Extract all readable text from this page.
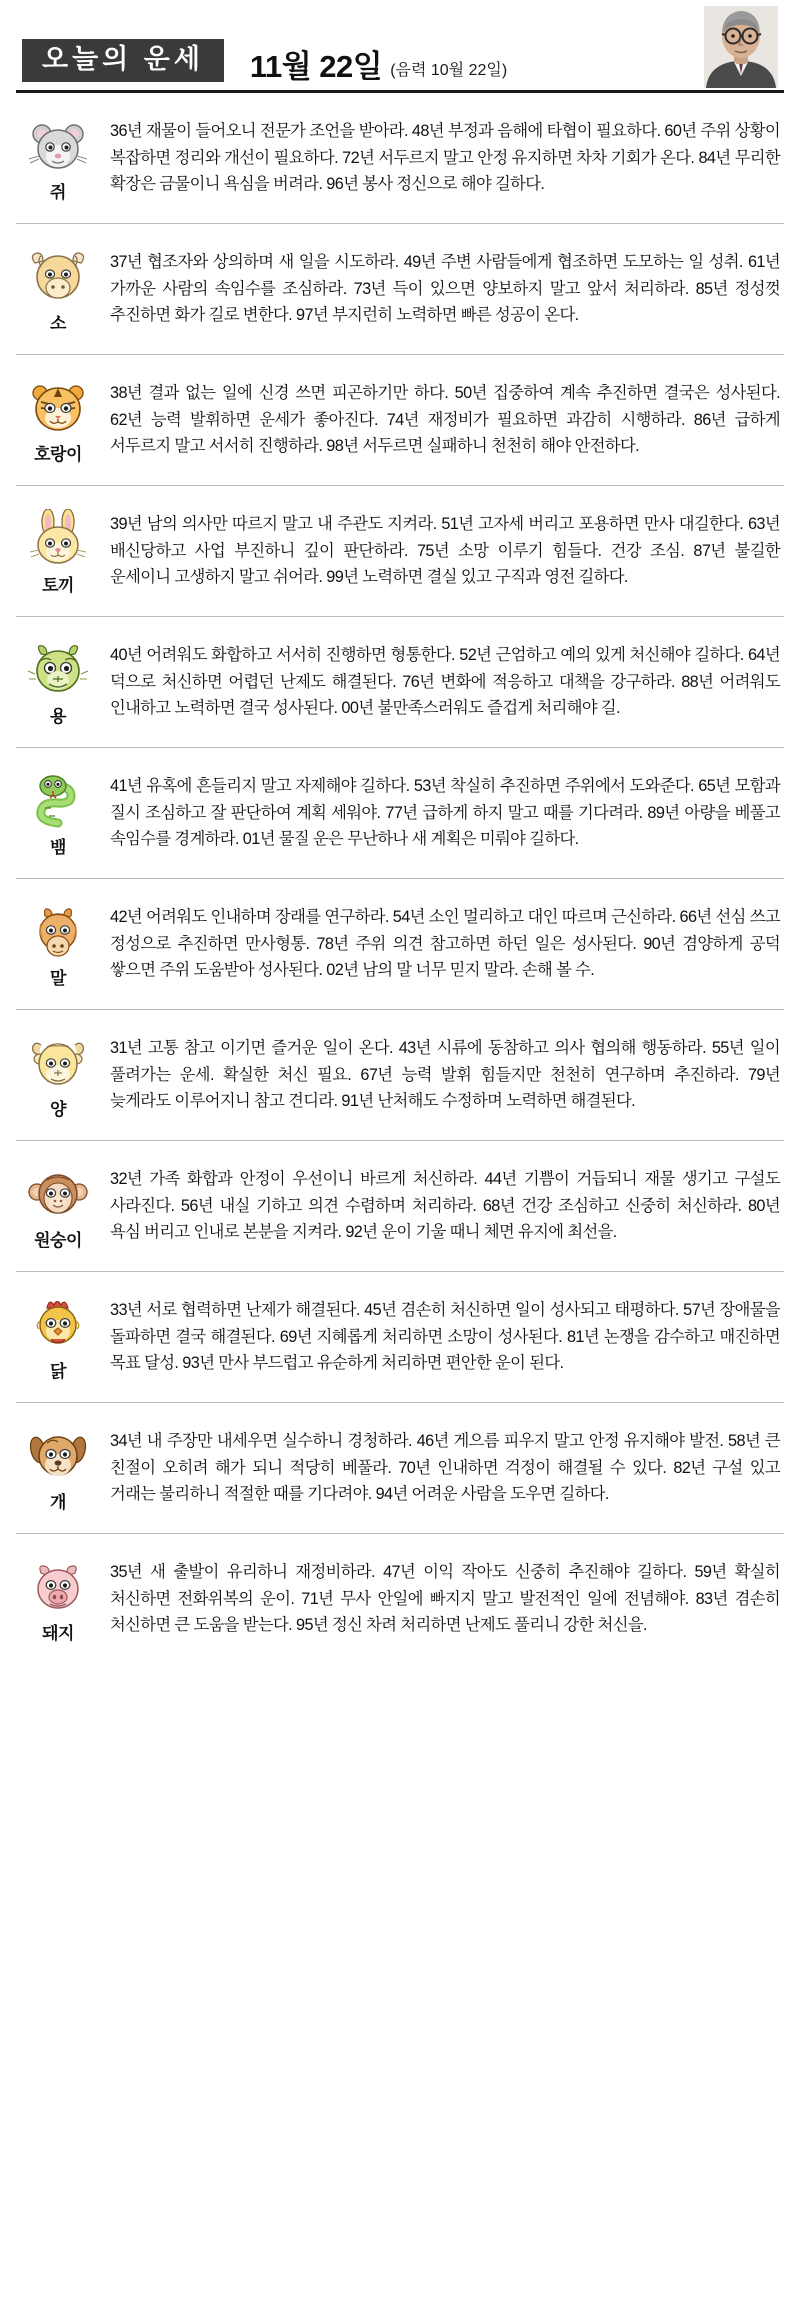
오늘의 운세	11월 22일 (음력 10월 22일)
쥐
36년 재물이 들어오니 전문가 조언을 받아라. 48년 부정과 음해에 타협이 필요하다. 60년 주위 상황이 복잡하면 정리와 개선이 필요하다. 72년 서두르지 말고 안정 유지하면 차차 기회가 온다. 84년 무리한 확장은 금물이니 욕심을 버려라. 96년 봉사 정신으로 해야 길하다.
소
37년 협조자와 상의하며 새 일을 시도하라. 49년 주변 사람들에게 협조하면 도모하는 일 성취. 61년 가까운 사람의 속임수를 조심하라. 73년 득이 있으면 양보하지 말고 앞서 처리하라. 85년 정성껏 추진하면 화가 길로 변한다. 97년 부지런히 노력하면 빠른 성공이 온다.
호랑이
38년 결과 없는 일에 신경 쓰면 피곤하기만 하다. 50년 집중하여 계속 추진하면 결국은 성사된다. 62년 능력 발휘하면 운세가 좋아진다. 74년 재정비가 필요하면 과감히 시행하라. 86년 급하게 서두르지 말고 서서히 진행하라. 98년 서두르면 실패하니 천천히 해야 안전하다.
토끼
39년 남의 의사만 따르지 말고 내 주관도 지켜라. 51년 고자세 버리고 포용하면 만사 대길한다. 63년 배신당하고 사업 부진하니 깊이 판단하라. 75년 소망 이루기 힘들다. 건강 조심. 87년 불길한 운세이니 고생하지 말고 쉬어라. 99년 노력하면 결실 있고 구직과 영전 길하다.
용
40년 어려워도 화합하고 서서히 진행하면 형통한다. 52년 근엄하고 예의 있게 처신해야 길하다. 64년 덕으로 처신하면 어렵던 난제도 해결된다. 76년 변화에 적응하고 대책을 강구하라. 88년 어려워도 인내하고 노력하면 결국 성사된다. 00년 불만족스러워도 즐겁게 처리해야 길.
뱀
41년 유혹에 흔들리지 말고 자제해야 길하다. 53년 착실히 추진하면 주위에서 도와준다. 65년 모함과 질시 조심하고 잘 판단하여 계획 세워야. 77년 급하게 하지 말고 때를 기다려라. 89년 아량을 베풀고 속임수를 경계하라. 01년 물질 운은 무난하나 새 계획은 미뤄야 길하다.
말
42년 어려워도 인내하며 장래를 연구하라. 54년 소인 멀리하고 대인 따르며 근신하라. 66년 선심 쓰고 정성으로 추진하면 만사형통. 78년 주위 의견 참고하면 하던 일은 성사된다. 90년 겸양하게 공덕 쌓으면 주위 도움받아 성사된다. 02년 남의 말 너무 믿지 말라. 손해 볼 수.
양
31년 고통 참고 이기면 즐거운 일이 온다. 43년 시류에 동참하고 의사 협의해 행동하라. 55년 일이 풀려가는 운세. 확실한 처신 필요. 67년 능력 발휘 힘들지만 천천히 연구하며 추진하라. 79년 늦게라도 이루어지니 참고 견디라. 91년 난처해도 수정하며 노력하면 해결된다.
원숭이
32년 가족 화합과 안정이 우선이니 바르게 처신하라. 44년 기쁨이 거듭되니 재물 생기고 구설도 사라진다. 56년 내실 기하고 의견 수렴하며 처리하라. 68년 건강 조심하고 신중히 처신하라. 80년 욕심 버리고 인내로 본분을 지켜라. 92년 운이 기울 때니 체면 유지에 최선을.
닭
33년 서로 협력하면 난제가 해결된다. 45년 겸손히 처신하면 일이 성사되고 태평하다. 57년 장애물을 돌파하면 결국 해결된다. 69년 지혜롭게 처리하면 소망이 성사된다. 81년 논쟁을 감수하고 매진하면 목표 달성. 93년 만사 부드럽고 유순하게 처리하면 편안한 운이 된다.
개
34년 내 주장만 내세우면 실수하니 경청하라. 46년 게으름 피우지 말고 안정 유지해야 발전. 58년 큰 친절이 오히려 해가 되니 적당히 베풀라. 70년 인내하면 걱정이 해결될 수 있다. 82년 구설 있고 거래는 불리하니 적절한 때를 기다려야. 94년 어려운 사람을 도우면 길하다.
돼지
35년 새 출발이 유리하니 재정비하라. 47년 이익 작아도 신중히 추진해야 길하다. 59년 확실히 처신하면 전화위복의 운이. 71년 무사 안일에 빠지지 말고 발전적인 일에 전념해야. 83년 겸손히 처신하면 큰 도움을 받는다. 95년 정신 차려 처리하면 난제도 풀리니 강한 처신을.
